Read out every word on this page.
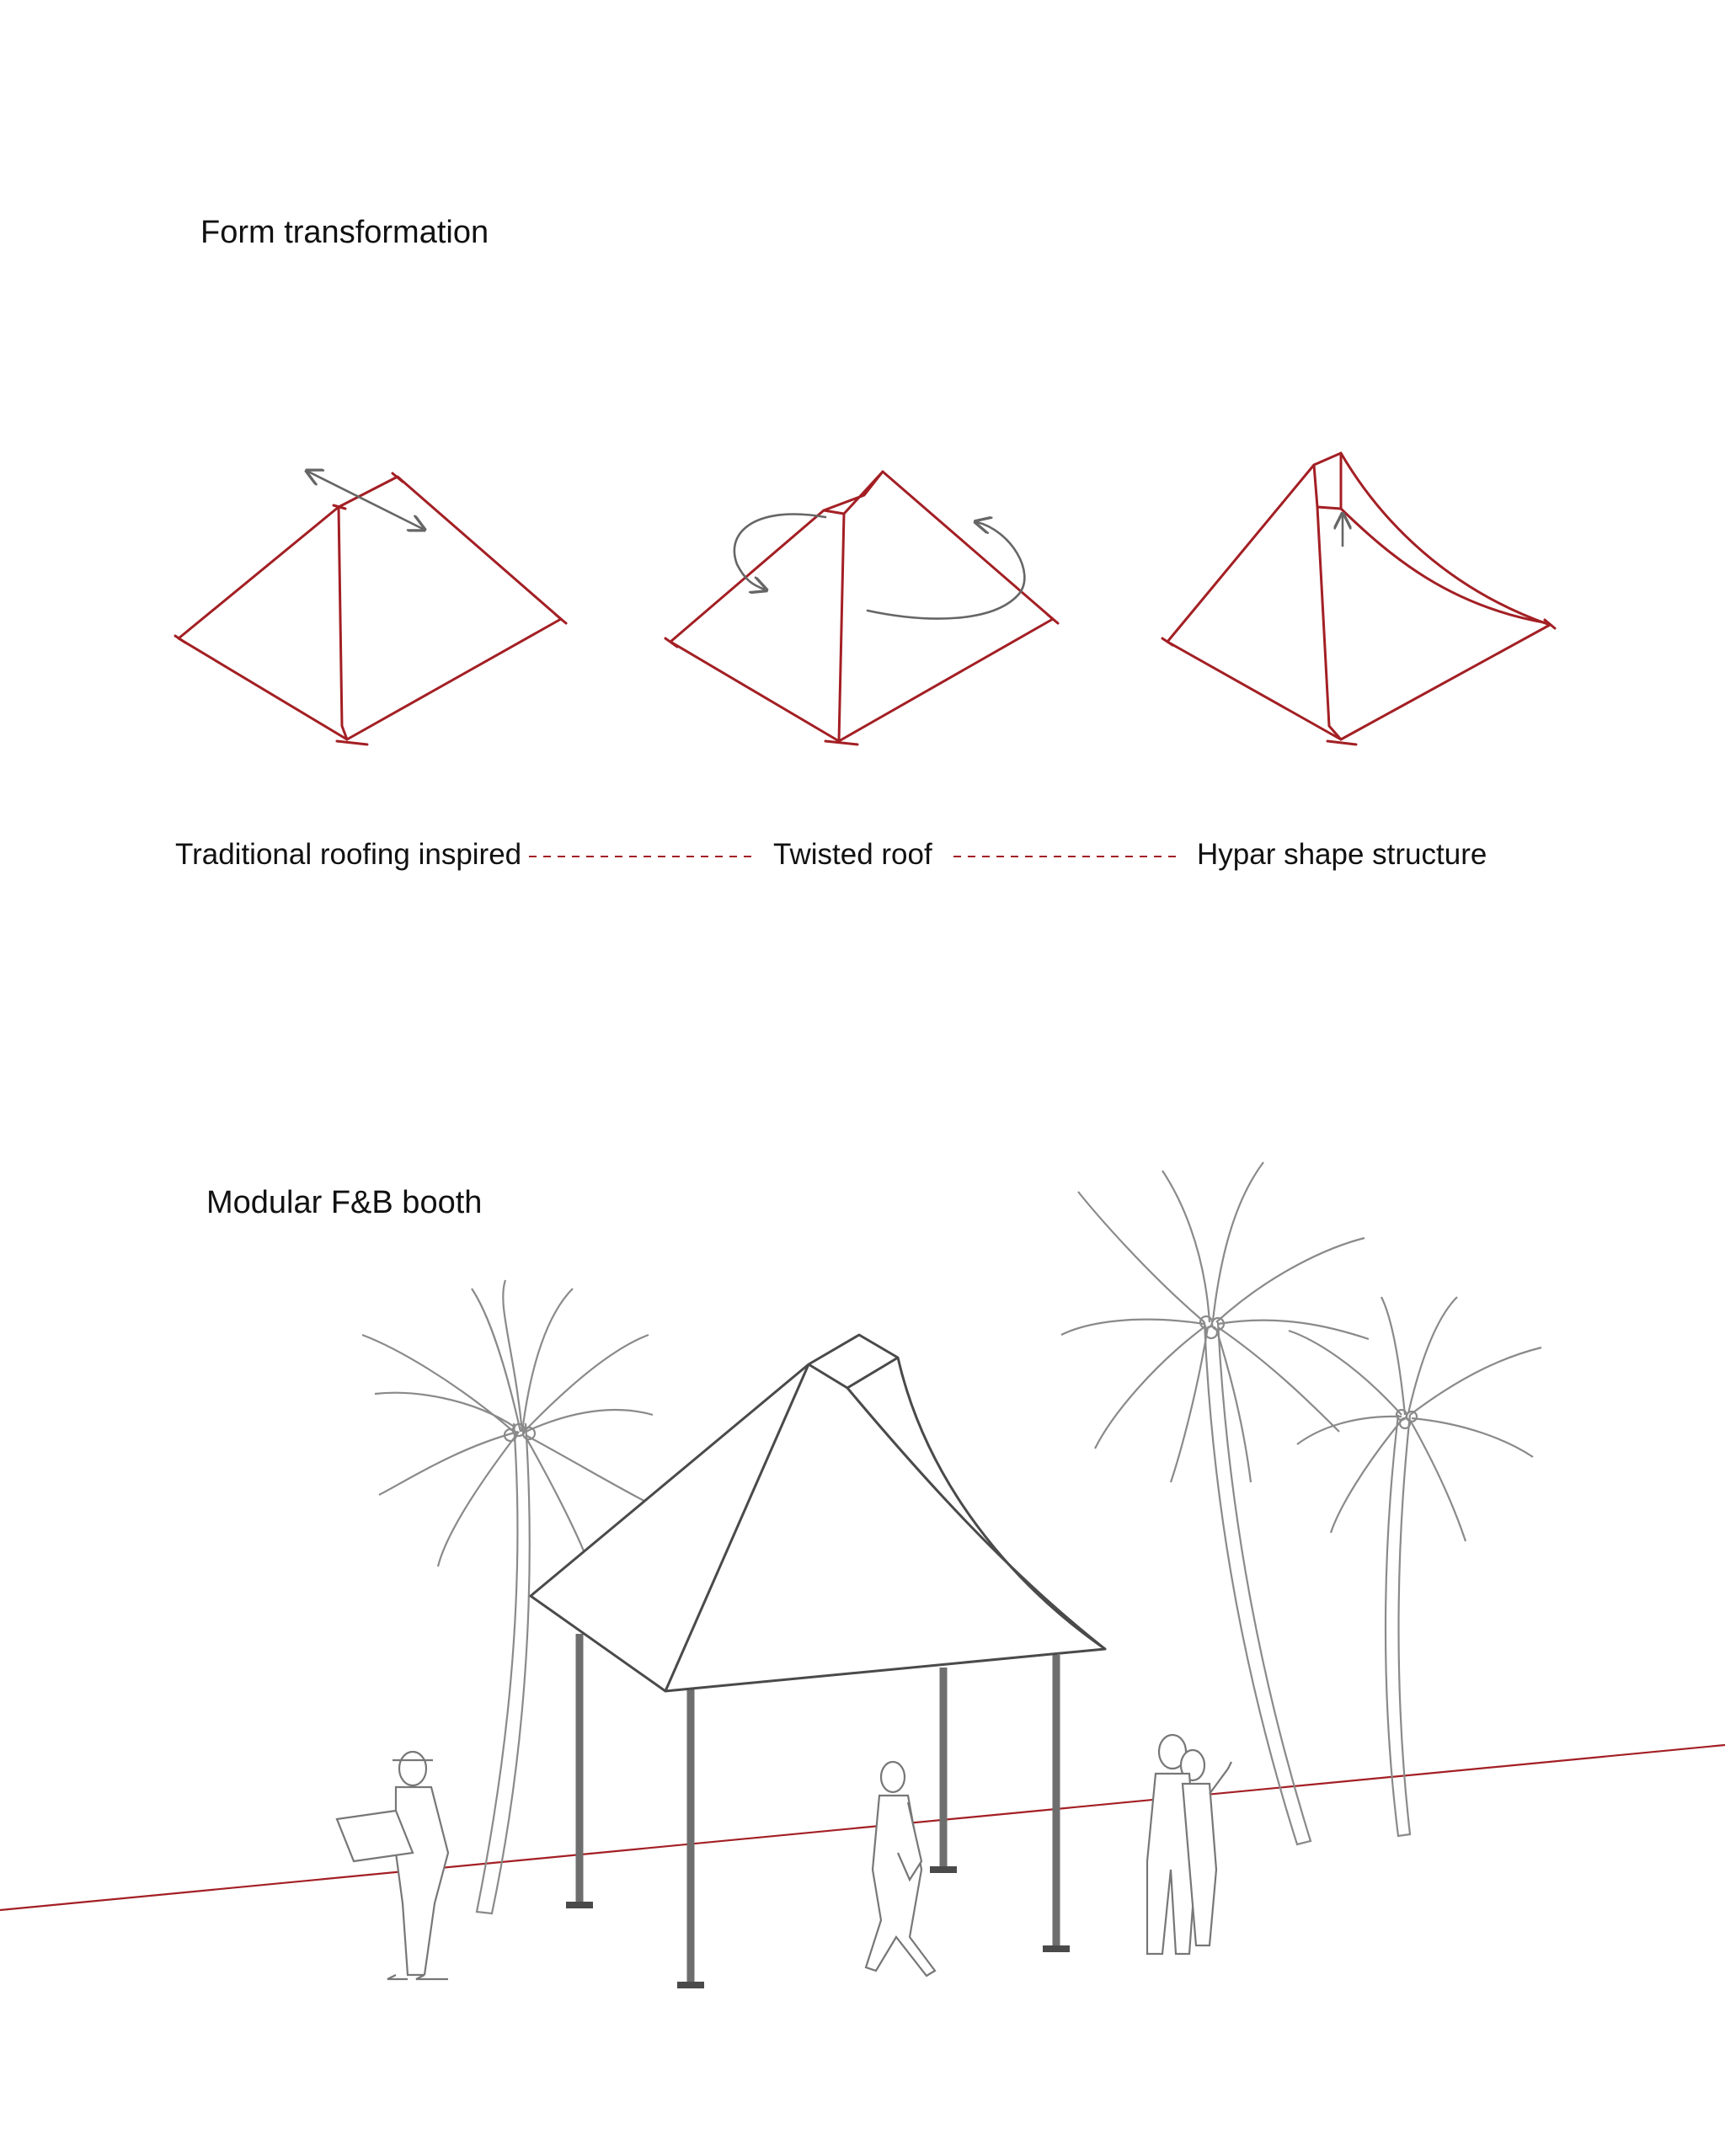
Form transformation
Modular F&B booth
Traditional roofing inspired	Twisted roof	Hypar shape structure
